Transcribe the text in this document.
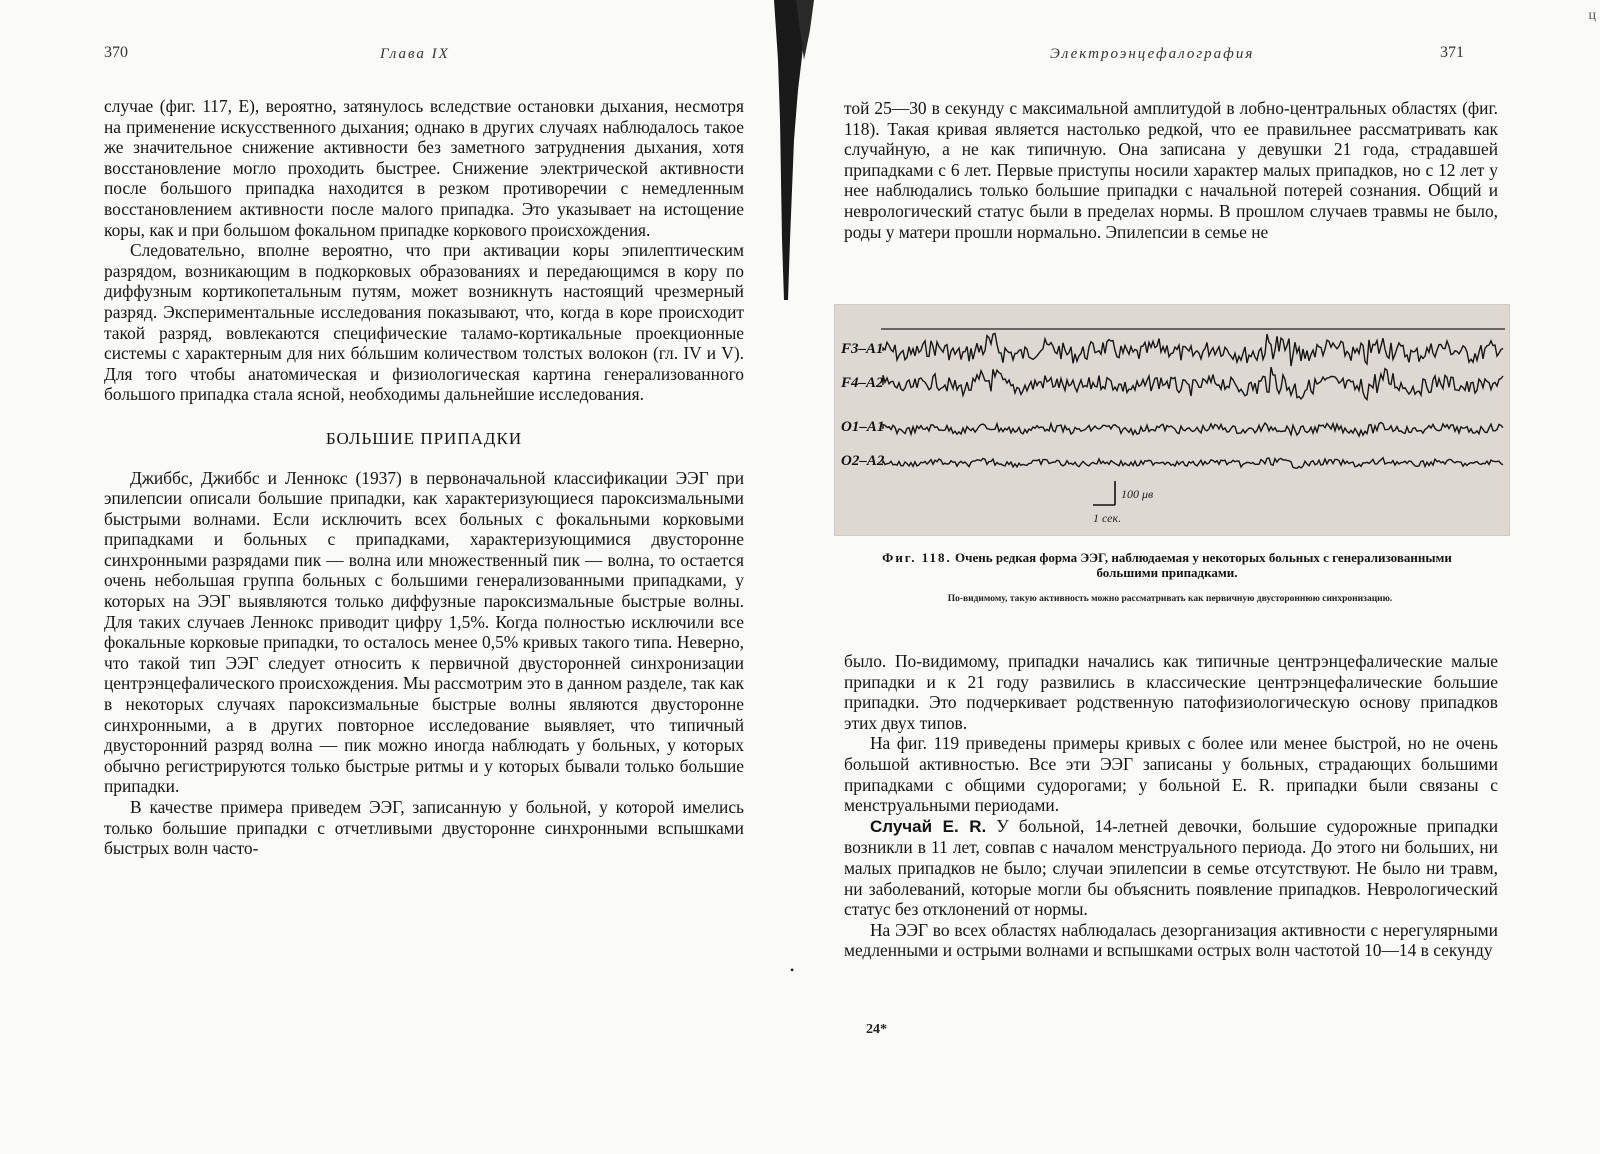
370	Глава IX

случае (фиг. 117, E), вероятно, затянулось вследствие остановки дыхания, несмотря на применение искусственного дыхания; однако в других случаях наблюдалось такое же значительное снижение активности без заметного затруднения дыхания, хотя восстановление могло проходить быстрее. Снижение электрической активности после большого припадка находится в резком противоречии с немедленным восстановлением активности после малого припадка. Это указывает на истощение коры, как и при большом фокальном припадке коркового происхождения.

Следовательно, вполне вероятно, что при активации коры эпилептическим разрядом, возникающим в подкорковых образованиях и передающимся в кору по диффузным кортикопетальным путям, может возникнуть настоящий чрезмерный разряд. Экспериментальные исследования показывают, что, когда в коре происходит такой разряд, вовлекаются специфические таламо-кортикальные проекционные системы с характерным для них бóльшим количеством толстых волокон (гл. IV и V). Для того чтобы анатомическая и физиологическая картина генерализованного большого припадка стала ясной, необходимы дальнейшие исследования.

БОЛЬШИЕ ПРИПАДКИ

Джиббс, Джиббс и Леннокс (1937) в первоначальной классификации ЭЭГ при эпилепсии описали большие припадки, как характеризующиеся пароксизмальными быстрыми волнами. Если исключить всех больных с фокальными корковыми припадками и больных с припадками, характеризующимися двусторонне синхронными разрядами пик — волна или множественный пик — волна, то остается очень небольшая группа больных с большими генерализованными припадками, у которых на ЭЭГ выявляются только диффузные пароксизмальные быстрые волны. Для таких случаев Леннокс приводит цифру 1,5%. Когда полностью исключили все фокальные корковые припадки, то осталось менее 0,5% кривых такого типа. Неверно, что такой тип ЭЭГ следует относить к первичной двусторонней синхронизации центрэнцефалического происхождения. Мы рассмотрим это в данном разделе, так как в некоторых случаях пароксизмальные быстрые волны являются двусторонне синхронными, а в других повторное исследование выявляет, что типичный двусторонний разряд волна — пик можно иногда наблюдать у больных, у которых обычно регистрируются только быстрые ритмы и у которых бывали только большие припадки.

В качестве примера приведем ЭЭГ, записанную у больной, у которой имелись только большие припадки с отчетливыми двусторонне синхронными вспышками быстрых волн часто-

Электроэнцефалография	371

той 25—30 в секунду с максимальной амплитудой в лобно-центральных областях (фиг. 118). Такая кривая является настолько редкой, что ее правильнее рассматривать как случайную, а не как типичную. Она записана у девушки 21 года, страдавшей припадками с 6 лет. Первые приступы носили характер малых припадков, но с 12 лет у нее наблюдались только большие припадки с начальной потерей сознания. Общий и неврологический статус были в пределах нормы. В прошлом случаев травмы не было, роды у матери прошли нормально. Эпилепсии в семье не

F3–A1
F4–A2
O1–A1
O2–A2
100 μв
1 сек.
Фиг. 118. Очень редкая форма ЭЭГ, наблюдаемая у некоторых больных с генерализованными большими припадками.
По-видимому, такую активность можно рассматривать как первичную двустороннюю синхронизацию.

было. По-видимому, припадки начались как типичные центрэнцефалические малые припадки и к 21 году развились в классические центрэнцефалические большие припадки. Это подчеркивает родственную патофизиологическую основу припадков этих двух типов.

На фиг. 119 приведены примеры кривых с более или менее быстрой, но не очень большой активностью. Все эти ЭЭГ записаны у больных, страдающих большими припадками с общими судорогами; у больной E. R. припадки были связаны с менструальными периодами.

Случай E. R. У больной, 14-летней девочки, большие судорожные припадки возникли в 11 лет, совпав с началом менструального периода. До этого ни больших, ни малых припадков не было; случаи эпилепсии в семье отсутствуют. Не было ни травм, ни заболеваний, которые могли бы объяснить появление припадков. Неврологический статус без отклонений от нормы.

На ЭЭГ во всех областях наблюдалась дезорганизация активности с нерегулярными медленными и острыми волнами и вспышками острых волн частотой 10—14 в секунду

•
24*
ц
